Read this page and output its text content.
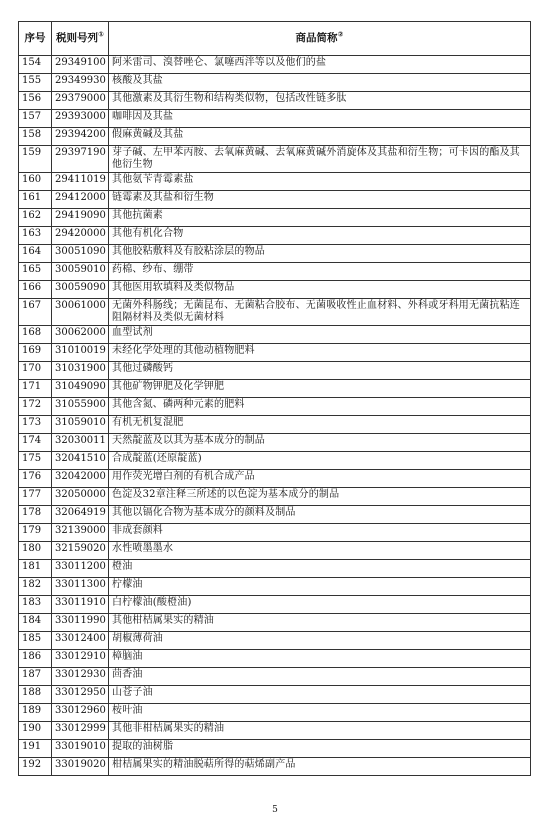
序号	税则号列①	商品简称②
154	29349100	阿米雷司、溴替唑仑、氯噻西泮等以及他们的盐
155	29349930	核酸及其盐
156	29379000	其他激素及其衍生物和结构类似物，包括改性链多肽
157	29393000	咖啡因及其盐
158	29394200	假麻黄碱及其盐
159	29397190	芽子碱、左甲苯丙胺、去氧麻黄碱、去氧麻黄碱外消旋体及其盐和衍生物；可卡因的酯及其他衍生物
160	29411019	其他氨苄青霉素盐
161	29412000	链霉素及其盐和衍生物
162	29419090	其他抗菌素
163	29420000	其他有机化合物
164	30051090	其他胶粘敷料及有胶粘涂层的物品
165	30059010	药棉、纱布、绷带
166	30059090	其他医用软填料及类似物品
167	30061000	无菌外科肠线；无菌昆布、无菌粘合胶布、无菌吸收性止血材料、外科或牙科用无菌抗粘连阻隔材料及类似无菌材料
168	30062000	血型试剂
169	31010019	未经化学处理的其他动植物肥料
170	31031900	其他过磷酸钙
171	31049090	其他矿物钾肥及化学钾肥
172	31055900	其他含氮、磷两种元素的肥料
173	31059010	有机无机复混肥
174	32030011	天然靛蓝及以其为基本成分的制品
175	32041510	合成靛蓝(还原靛蓝)
176	32042000	用作荧光增白剂的有机合成产品
177	32050000	色淀及32章注释三所述的以色淀为基本成分的制品
178	32064919	其他以镉化合物为基本成分的颜料及制品
179	32139000	非成套颜料
180	32159020	水性喷墨墨水
181	33011200	橙油
182	33011300	柠檬油
183	33011910	白柠檬油(酸橙油)
184	33011990	其他柑桔属果实的精油
185	33012400	胡椒薄荷油
186	33012910	樟脑油
187	33012930	茴香油
188	33012950	山苍子油
189	33012960	桉叶油
190	33012999	其他非柑桔属果实的精油
191	33019010	提取的油树脂
192	33019020	柑桔属果实的精油脱萜所得的萜烯副产品
5
